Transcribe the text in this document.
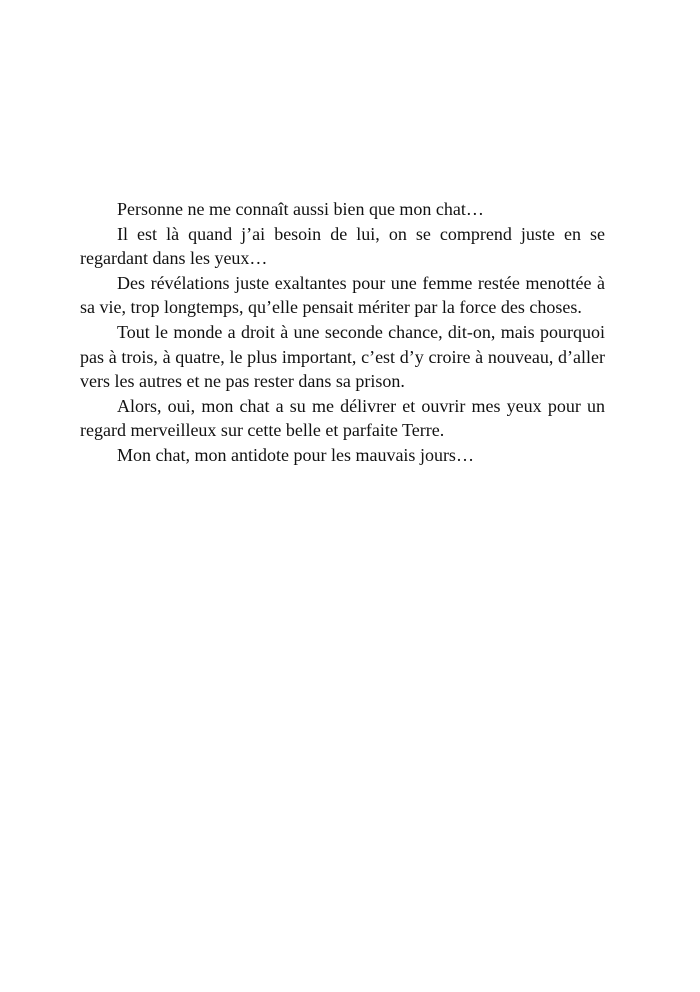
Personne ne me connaît aussi bien que mon chat…

Il est là quand j’ai besoin de lui, on se comprend juste en se regardant dans les yeux…

Des révélations juste exaltantes pour une femme restée menottée à sa vie, trop longtemps, qu’elle pensait mériter par la force des choses.

Tout le monde a droit à une seconde chance, dit-on, mais pourquoi pas à trois, à quatre, le plus important, c’est d’y croire à nouveau, d’aller vers les autres et ne pas rester dans sa prison.

Alors, oui, mon chat a su me délivrer et ouvrir mes yeux pour un regard merveilleux sur cette belle et parfaite Terre.

Mon chat, mon antidote pour les mauvais jours…
